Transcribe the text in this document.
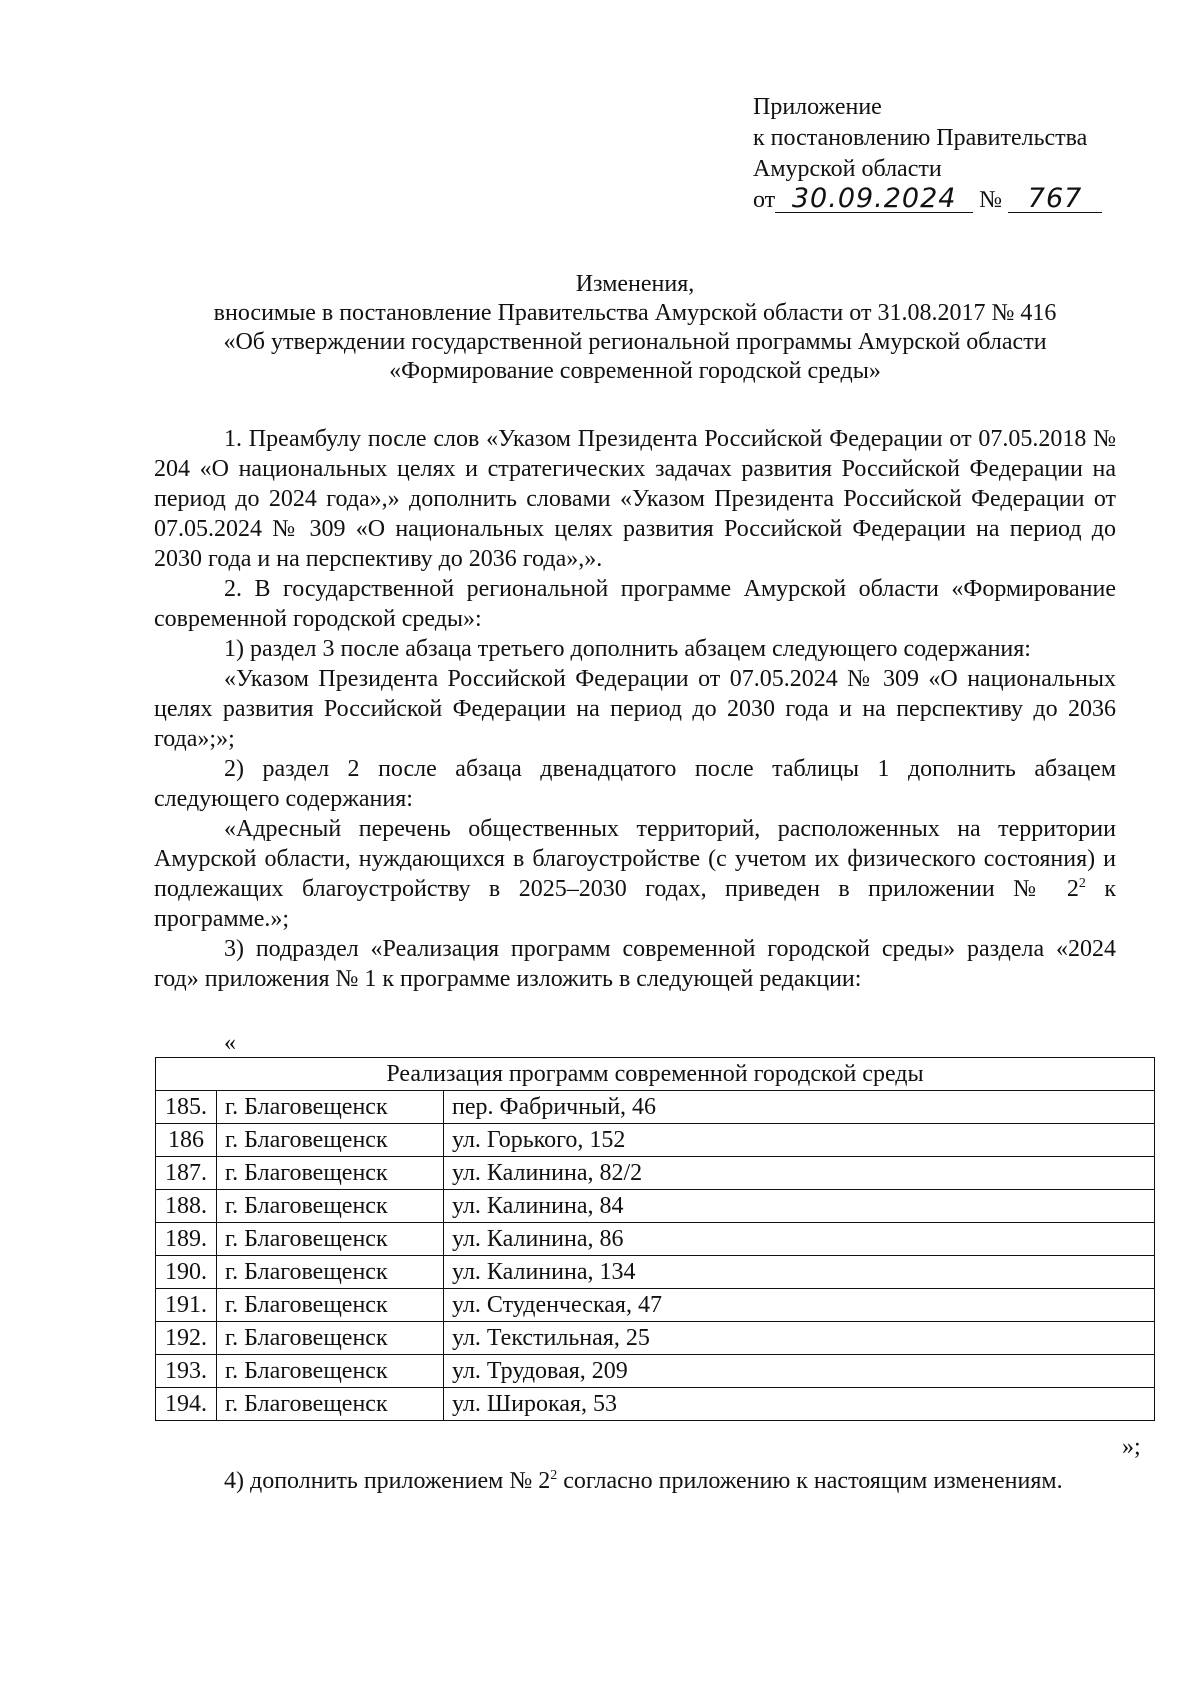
Приложение
к постановлению Правительства
Амурской области
от 30.09.2024 № 767
Изменения,
вносимые в постановление Правительства Амурской области от 31.08.2017 № 416
«Об утверждении государственной региональной программы Амурской области
«Формирование современной городской среды»

1. Преамбулу после слов «Указом Президента Российской Федерации от 07.05.2018 № 204 «О национальных целях и стратегических задачах развития Российской Федерации на период до 2024 года»,» дополнить словами «Указом Президента Российской Федерации от 07.05.2024 № 309 «О национальных целях развития Российской Федерации на период до 2030 года и на перспективу до 2036 года»,».

2. В государственной региональной программе Амурской области «Формирование современной городской среды»:

1) раздел 3 после абзаца третьего дополнить абзацем следующего содержания:

«Указом Президента Российской Федерации от 07.05.2024 № 309 «О национальных целях развития Российской Федерации на период до 2030 года и на перспективу до 2036 года»;»;

2) раздел 2 после абзаца двенадцатого после таблицы 1 дополнить абзацем следующего содержания:

«Адресный перечень общественных территорий, расположенных на территории Амурской области, нуждающихся в благоустройстве (с учетом их физического состояния) и подлежащих благоустройству в 2025–2030 годах, приведен в приложении № $2^2$ к программе.»;

3) подраздел «Реализация программ современной городской среды» раздела «2024 год» приложения № 1 к программе изложить в следующей редакции:

«
Реализация программ современной городской среды		
185.	г. Благовещенск	пер. Фабричный, 46
186	г. Благовещенск	ул. Горького, 152
187.	г. Благовещенск	ул. Калинина, 82/2
188.	г. Благовещенск	ул. Калинина, 84
189.	г. Благовещенск	ул. Калинина, 86
190.	г. Благовещенск	ул. Калинина, 134
191.	г. Благовещенск	ул. Студенческая, 47
192.	г. Благовещенск	ул. Текстильная, 25
193.	г. Благовещенск	ул. Трудовая, 209
194.	г. Благовещенск	ул. Широкая, 53
»;
4) дополнить приложением № $2^2$ согласно приложению к настоящим изменениям.
